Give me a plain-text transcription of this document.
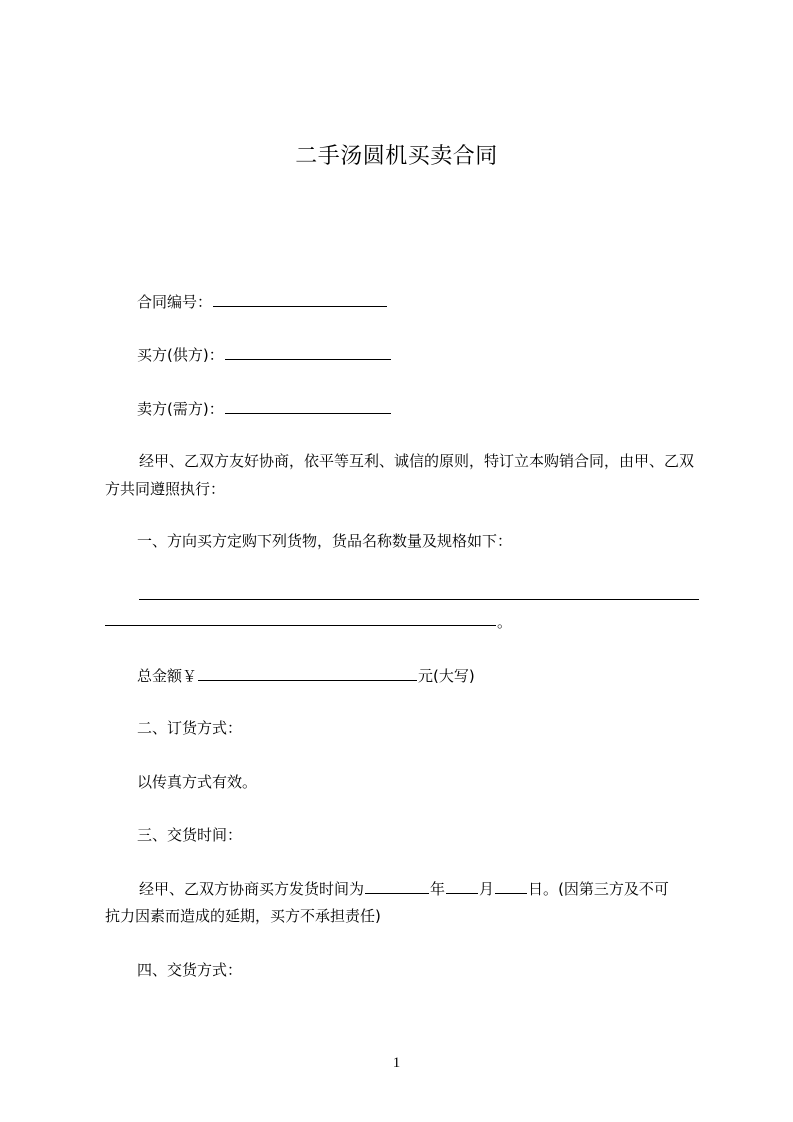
二手汤圆机买卖合同
合同编号：
买方(供方)：
卖方(需方)：
经甲、乙双方友好协商，依平等互利、诚信的原则，特订立本购销合同，由甲、乙双方共同遵照执行：
一、方向买方定购下列货物，货品名称数量及规格如下：
。
总金额￥	元(大写)
二、订货方式：
以传真方式有效。
三、交货时间：
经甲、乙双方协商买方发货时间为	年 月 日。(因第三方及不可
抗力因素而造成的延期，买方不承担责任)
四、交货方式：
1
